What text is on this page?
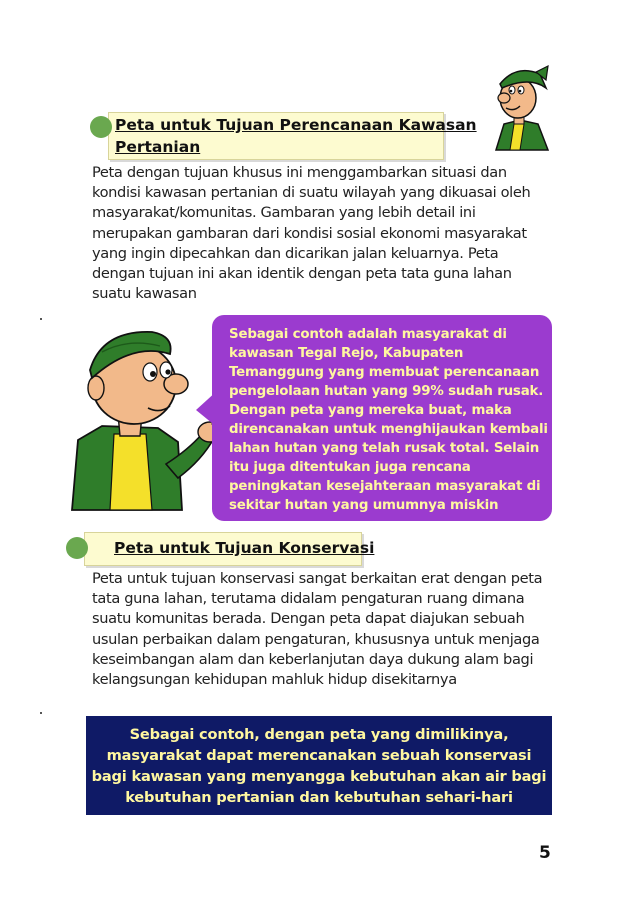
Peta untuk Tujuan Perencanaan Kawasan
Pertanian
Peta dengan tujuan khusus ini menggambarkan situasi dan
kondisi kawasan pertanian di suatu wilayah yang dikuasai oleh
masyarakat/komunitas. Gambaran yang lebih detail ini
merupakan gambaran dari kondisi sosial ekonomi masyarakat
yang ingin dipecahkan dan dicarikan jalan keluarnya. Peta
dengan tujuan ini akan identik dengan peta tata guna lahan
suatu kawasan
Sebagai contoh adalah masyarakat di
kawasan Tegal Rejo, Kabupaten
Temanggung yang membuat perencanaan
pengelolaan hutan yang 99% sudah rusak.
Dengan peta yang mereka buat, maka
direncanakan untuk menghijaukan kembali
lahan hutan yang telah rusak total. Selain
itu juga ditentukan juga rencana
peningkatan kesejahteraan masyarakat di
sekitar hutan yang umumnya miskin
Peta untuk Tujuan Konservasi
Peta untuk tujuan konservasi sangat berkaitan erat dengan peta
tata guna lahan, terutama didalam pengaturan ruang dimana
suatu komunitas berada. Dengan peta dapat diajukan sebuah
usulan perbaikan dalam pengaturan, khususnya untuk menjaga
keseimbangan alam dan keberlanjutan daya dukung alam bagi
kelangsungan kehidupan mahluk hidup disekitarnya
Sebagai contoh, dengan peta yang dimilikinya,
masyarakat dapat merencanakan sebuah konservasi
bagi kawasan yang menyangga kebutuhan akan air bagi
kebutuhan pertanian dan kebutuhan sehari-hari
5
